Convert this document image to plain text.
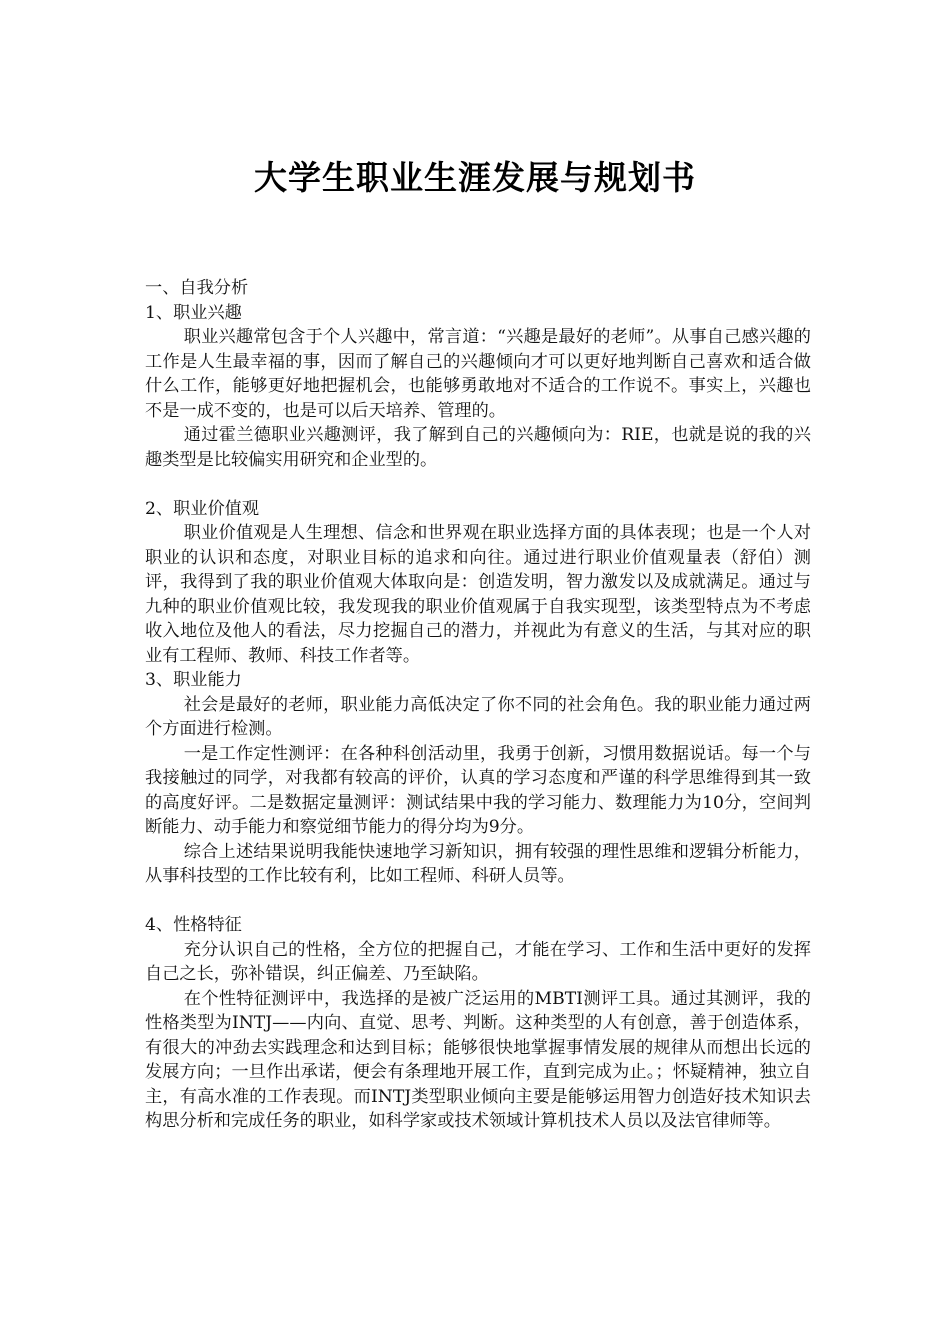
大学生职业生涯发展与规划书

一、自我分析

1、职业兴趣

职业兴趣常包含于个人兴趣中，常言道：“兴趣是最好的老师”。从事自己感兴趣的工作是人生最幸福的事，因而了解自己的兴趣倾向才可以更好地判断自己喜欢和适合做什么工作，能够更好地把握机会，也能够勇敢地对不适合的工作说不。事实上，兴趣也不是一成不变的，也是可以后天培养、管理的。

通过霍兰德职业兴趣测评，我了解到自己的兴趣倾向为：RIE，也就是说的我的兴趣类型是比较偏实用研究和企业型的。

2、职业价值观

职业价值观是人生理想、信念和世界观在职业选择方面的具体表现；也是一个人对职业的认识和态度，对职业目标的追求和向往。通过进行职业价值观量表（舒伯）测评，我得到了我的职业价值观大体取向是：创造发明，智力激发以及成就满足。通过与九种的职业价值观比较，我发现我的职业价值观属于自我实现型，该类型特点为不考虑收入地位及他人的看法，尽力挖掘自己的潜力，并视此为有意义的生活，与其对应的职业有工程师、教师、科技工作者等。

3、职业能力

社会是最好的老师，职业能力高低决定了你不同的社会角色。我的职业能力通过两个方面进行检测。

一是工作定性测评：在各种科创活动里，我勇于创新，习惯用数据说话。每一个与我接触过的同学，对我都有较高的评价，认真的学习态度和严谨的科学思维得到其一致的高度好评。二是数据定量测评：测试结果中我的学习能力、数理能力为10分，空间判断能力、动手能力和察觉细节能力的得分均为9分。

综合上述结果说明我能快速地学习新知识，拥有较强的理性思维和逻辑分析能力，从事科技型的工作比较有利，比如工程师、科研人员等。

4、性格特征

充分认识自己的性格，全方位的把握自己，才能在学习、工作和生活中更好的发挥自己之长，弥补错误，纠正偏差、乃至缺陷。

在个性特征测评中，我选择的是被广泛运用的MBTI测评工具。通过其测评，我的性格类型为INTJ——内向、直觉、思考、判断。这种类型的人有创意，善于创造体系，有很大的冲劲去实践理念和达到目标；能够很快地掌握事情发展的规律从而想出长远的发展方向；一旦作出承诺，便会有条理地开展工作，直到完成为止。；怀疑精神，独立自主，有高水准的工作表现。而INTJ类型职业倾向主要是能够运用智力创造好技术知识去构思分析和完成任务的职业，如科学家或技术领域计算机技术人员以及法官律师等。
